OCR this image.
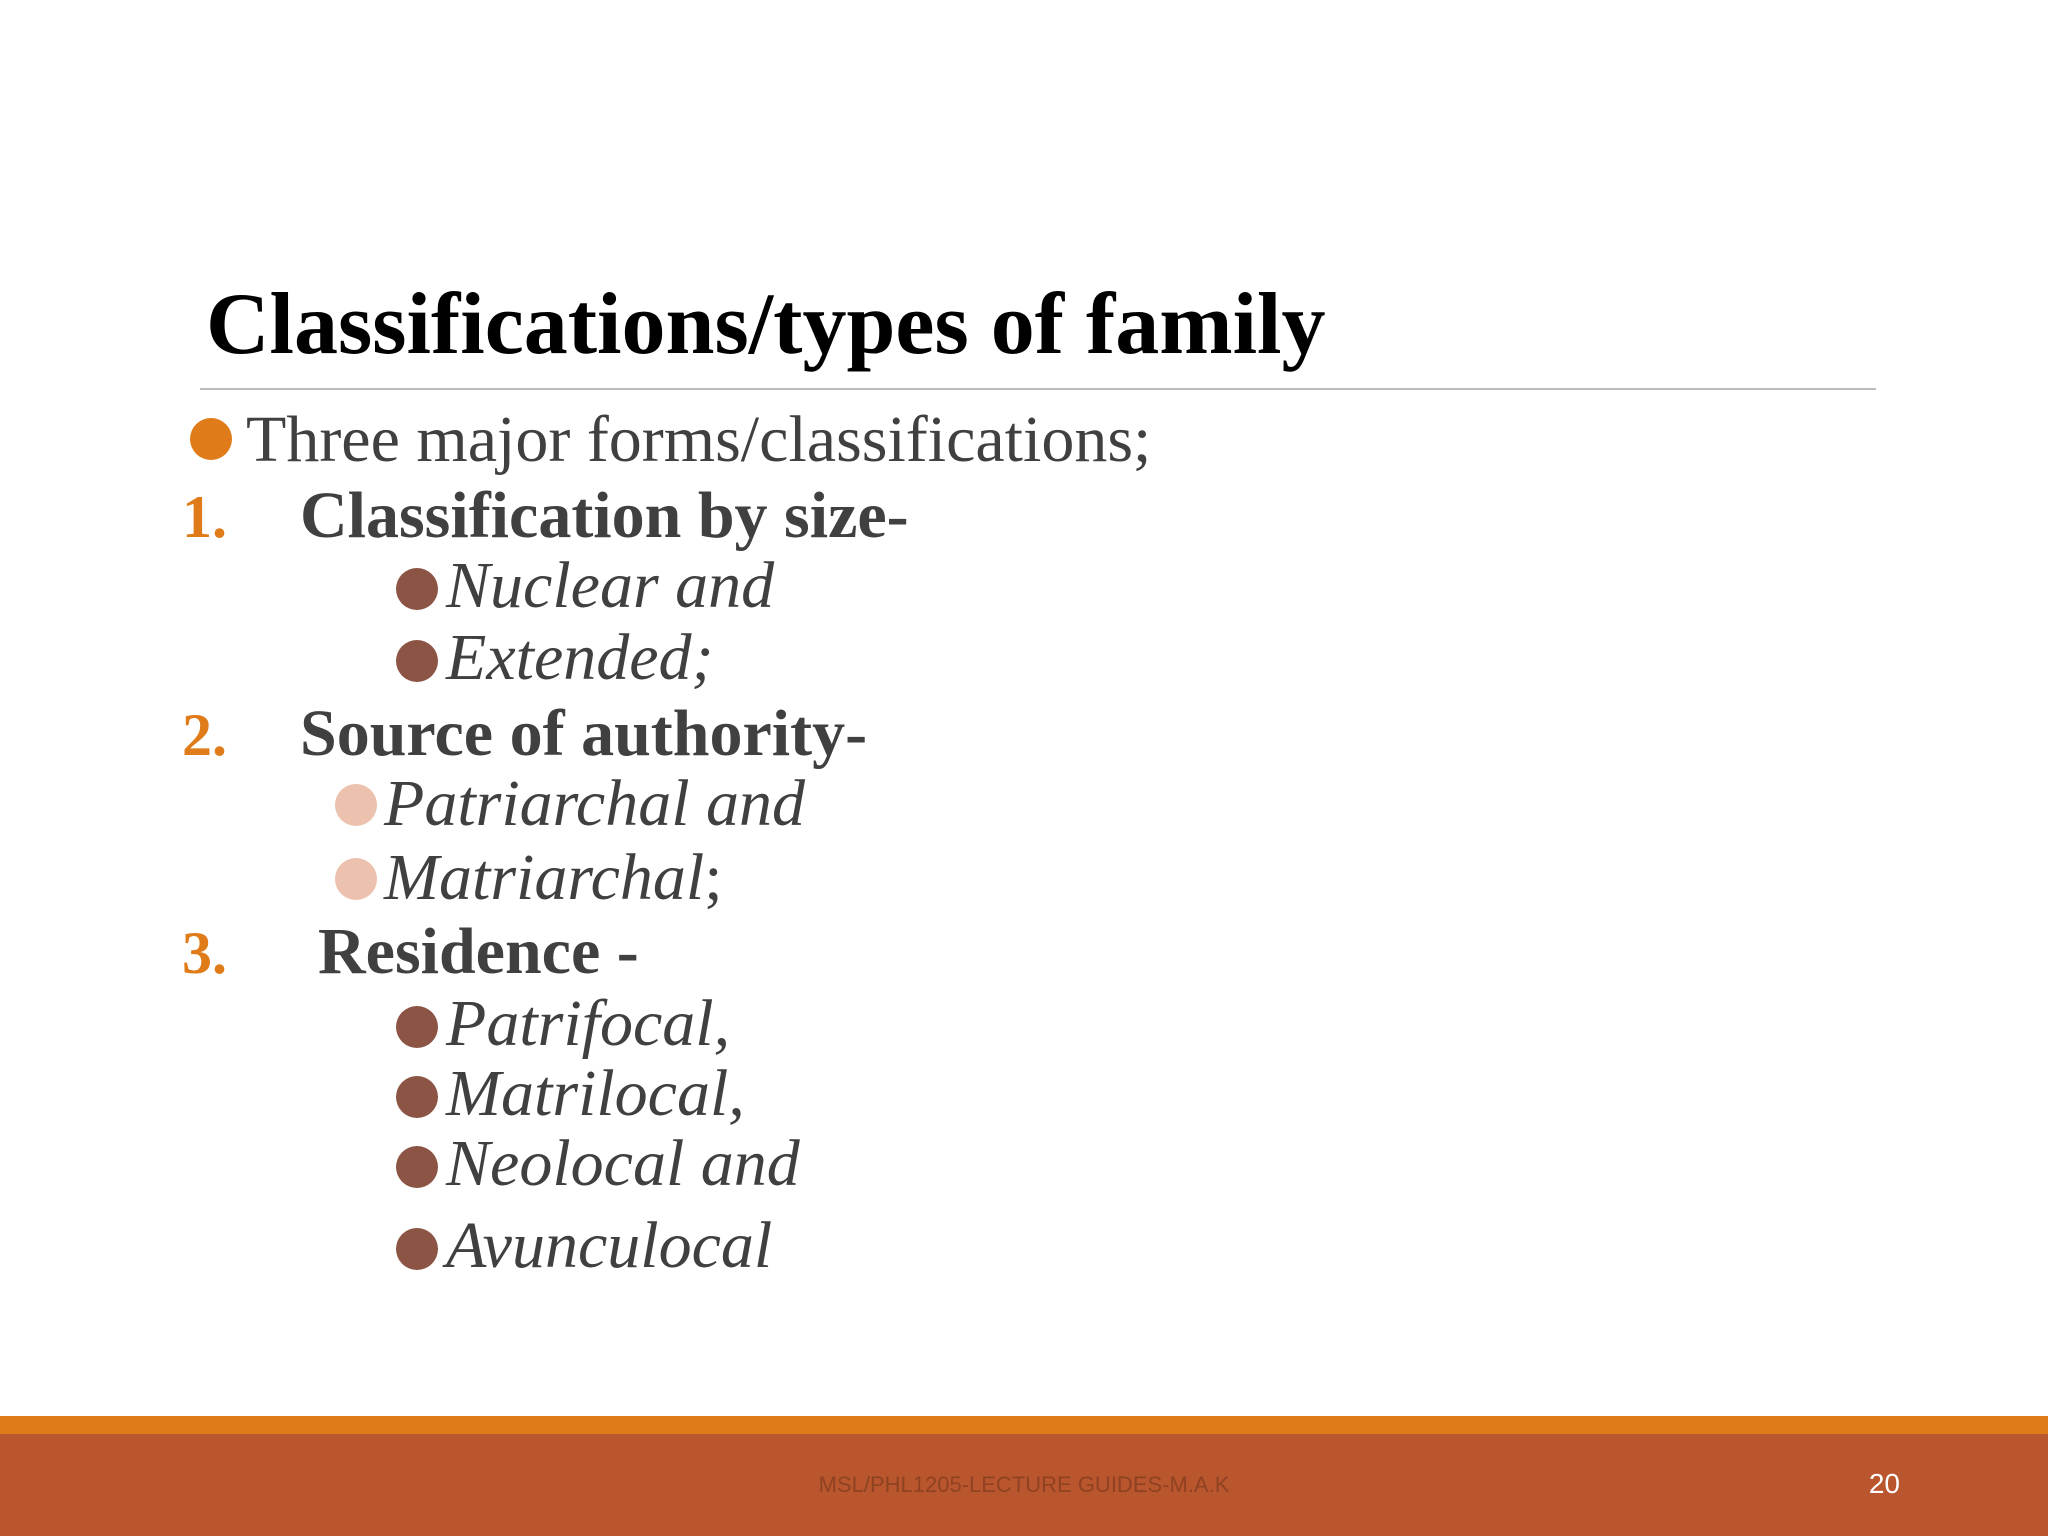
Classifications/types of family
Three major forms/classifications;
1. Classification by size-
Nuclear and
Extended;
2. Source of authority-
Patriarchal and
Matriarchal;
3. Residence -
Patrifocal,
Matrilocal,
Neolocal and
Avunculocal
MSL/PHL1205-LECTURE GUIDES-M.A.K	20
